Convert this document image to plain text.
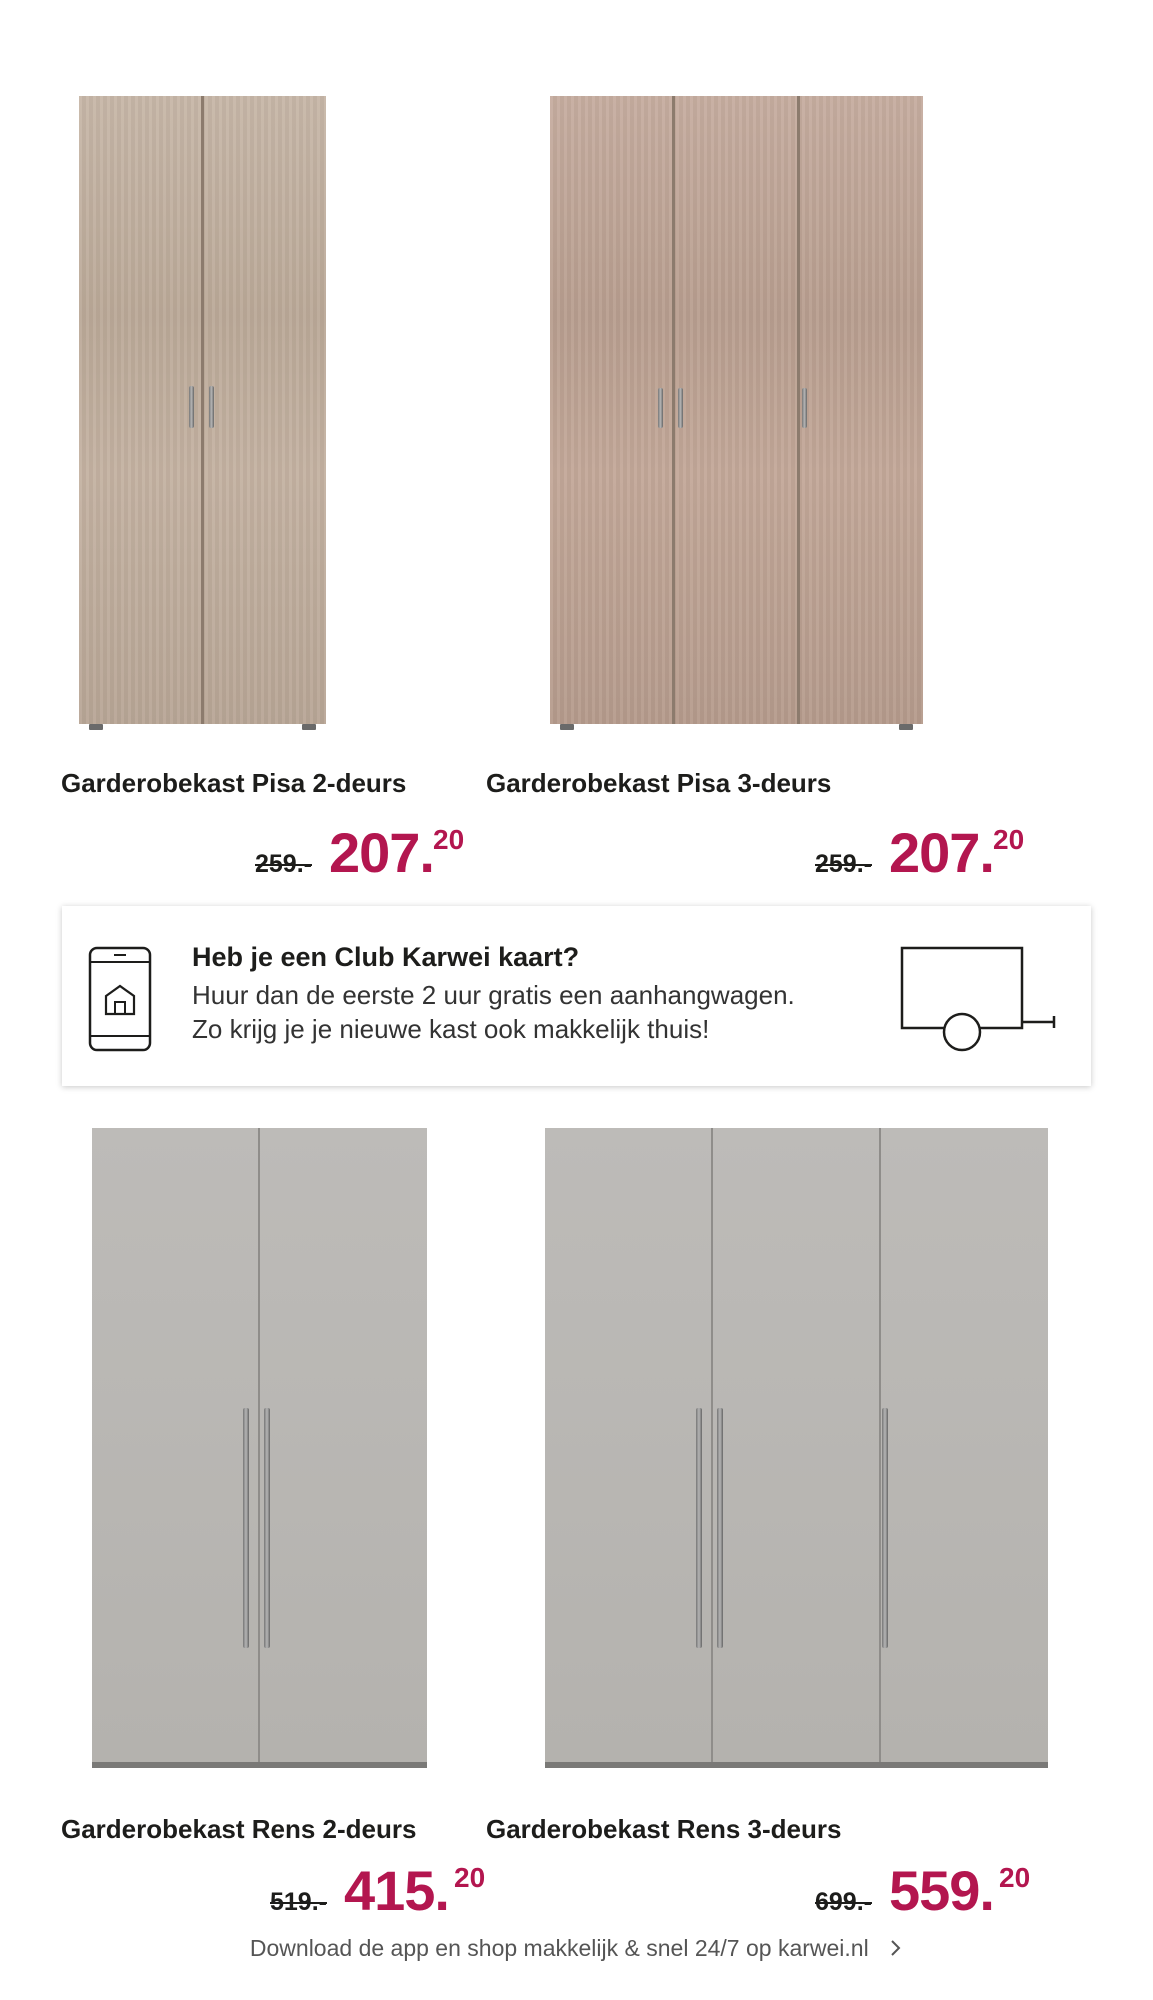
Garderobekast Pisa 2-deurs
259.- 207. 20
Garderobekast Pisa 3-deurs
259.- 207. 20
Heb je een Club Karwei kaart?
Huur dan de eerste 2 uur gratis een aanhangwagen.
Zo krijg je je nieuwe kast ook makkelijk thuis!
Garderobekast Rens 2-deurs
519.- 415. 20
Garderobekast Rens 3-deurs
699.- 559. 20
Download de app en shop makkelijk & snel 24/7 op karwei.nl
